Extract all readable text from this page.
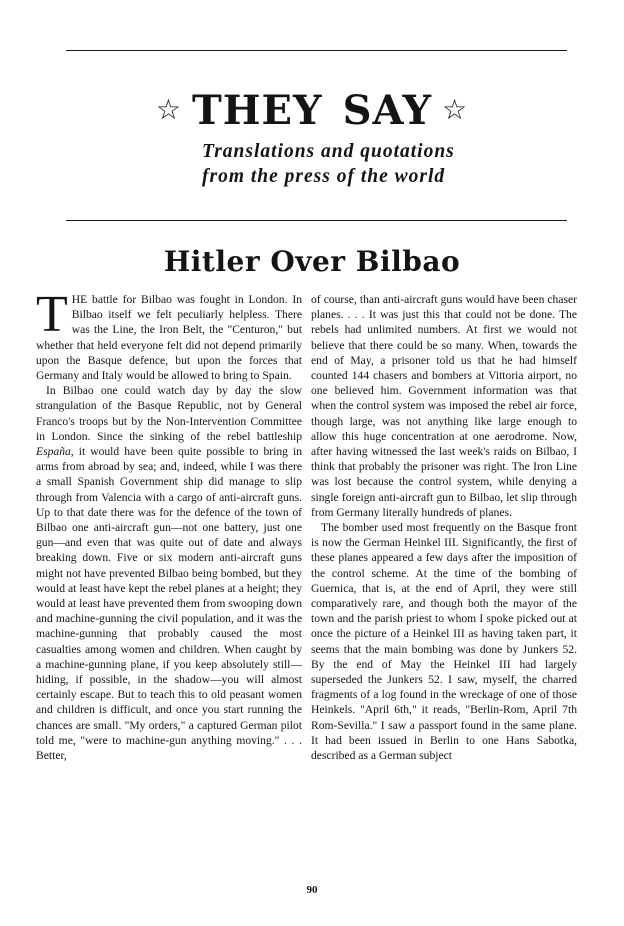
☆ THEY SAY ☆
Translations and quotations
from the press of the world
Hitler Over Bilbao

THE battle for Bilbao was fought in London. In Bilbao itself we felt peculiarly helpless. There was the Line, the Iron Belt, the "Centuron," but whether that held everyone felt did not depend primarily upon the Basque defence, but upon the forces that Germany and Italy would be allowed to bring to Spain.

In Bilbao one could watch day by day the slow strangulation of the Basque Republic, not by General Franco's troops but by the Non-Intervention Committee in London. Since the sinking of the rebel battleship España, it would have been quite possible to bring in arms from abroad by sea; and, indeed, while I was there a small Spanish Government ship did manage to slip through from Valencia with a cargo of anti-aircraft guns. Up to that date there was for the defence of the town of Bilbao one anti-aircraft gun—not one battery, just one gun—and even that was quite out of date and always breaking down. Five or six modern anti-aircraft guns might not have prevented Bilbao being bombed, but they would at least have kept the rebel planes at a height; they would at least have prevented them from swooping down and machine-gunning the civil population, and it was the machine-gunning that probably caused the most casualties among women and children. When caught by a machine-gunning plane, if you keep absolutely still—hiding, if possible, in the shadow—you will almost certainly escape. But to teach this to old peasant women and children is difficult, and once you start running the chances are small. "My orders," a captured German pilot told me, "were to machine-gun anything moving." . . . Better,

of course, than anti-aircraft guns would have been chaser planes. . . . It was just this that could not be done. The rebels had unlimited numbers. At first we would not believe that there could be so many. When, towards the end of May, a prisoner told us that he had himself counted 144 chasers and bombers at Vittoria airport, no one believed him. Government information was that when the control system was imposed the rebel air force, though large, was not anything like large enough to allow this huge concentration at one aerodrome. Now, after having witnessed the last week's raids on Bilbao, I think that probably the prisoner was right. The Iron Line was lost because the control system, while denying a single foreign anti-aircraft gun to Bilbao, let slip through from Germany literally hundreds of planes.

The bomber used most frequently on the Basque front is now the German Heinkel III. Significantly, the first of these planes appeared a few days after the imposition of the control scheme. At the time of the bombing of Guernica, that is, at the end of April, they were still comparatively rare, and though both the mayor of the town and the parish priest to whom I spoke picked out at once the picture of a Heinkel III as having taken part, it seems that the main bombing was done by Junkers 52. By the end of May the Heinkel III had largely superseded the Junkers 52. I saw, myself, the charred fragments of a log found in the wreckage of one of those Heinkels. "April 6th," it reads, "Berlin-Rom, April 7th Rom-Sevilla." I saw a passport found in the same plane. It had been issued in Berlin to one Hans Sabotka, described as a German subject

90
